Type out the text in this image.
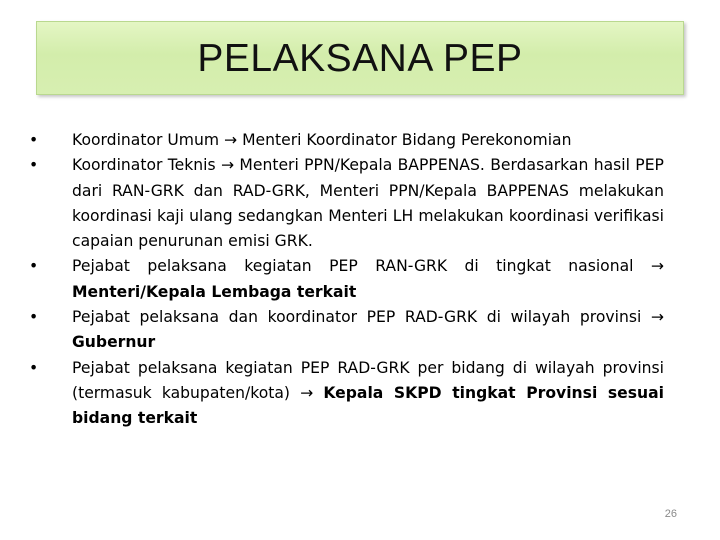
PELAKSANA PEP
•	Koordinator Umum → Menteri Koordinator Bidang Perekonomian
•	Koordinator Teknis → Menteri PPN/Kepala BAPPENAS. Berdasarkan hasil PEP dari RAN-GRK dan RAD-GRK, Menteri PPN/Kepala BAPPENAS melakukan koordinasi kaji ulang sedangkan Menteri LH melakukan koordinasi verifikasi capaian penurunan emisi GRK.
•	Pejabat pelaksana kegiatan PEP RAN-GRK di tingkat nasional → Menteri/Kepala Lembaga terkait
•	Pejabat pelaksana dan koordinator PEP RAD-GRK di wilayah provinsi → Gubernur
•	Pejabat pelaksana kegiatan PEP RAD-GRK per bidang di wilayah provinsi (termasuk kabupaten/kota) → Kepala SKPD tingkat Provinsi sesuai bidang terkait
26
